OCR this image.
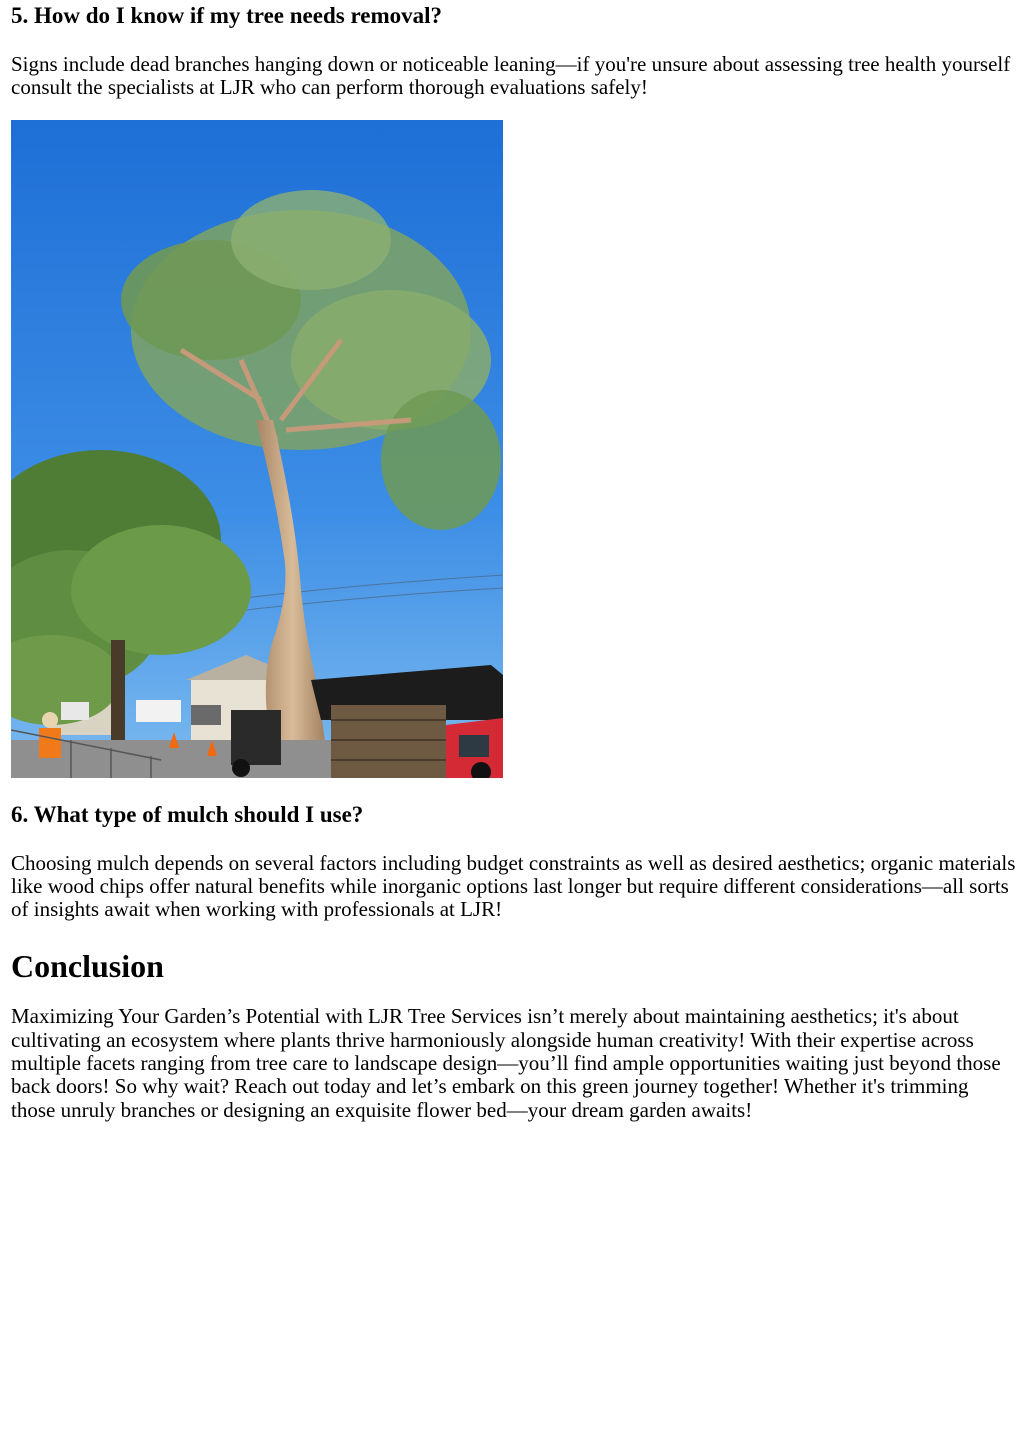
5. How do I know if my tree needs removal?

Signs include dead branches hanging down or noticeable leaning—if you're unsure about assessing tree health yourself consult the specialists at LJR who can perform thorough evaluations safely!

6. What type of mulch should I use?

Choosing mulch depends on several factors including budget constraints as well as desired aesthetics; organic materials like wood chips offer natural benefits while inorganic options last longer but require different considerations—all sorts of insights await when working with professionals at LJR!

Conclusion

Maximizing Your Garden’s Potential with LJR Tree Services isn’t merely about maintaining aesthetics; it's about cultivating an ecosystem where plants thrive harmoniously alongside human creativity! With their expertise across multiple facets ranging from tree care to landscape design—you’ll find ample opportunities waiting just beyond those back doors! So why wait? Reach out today and let’s embark on this green journey together! Whether it's trimming those unruly branches or designing an exquisite flower bed—your dream garden awaits!
